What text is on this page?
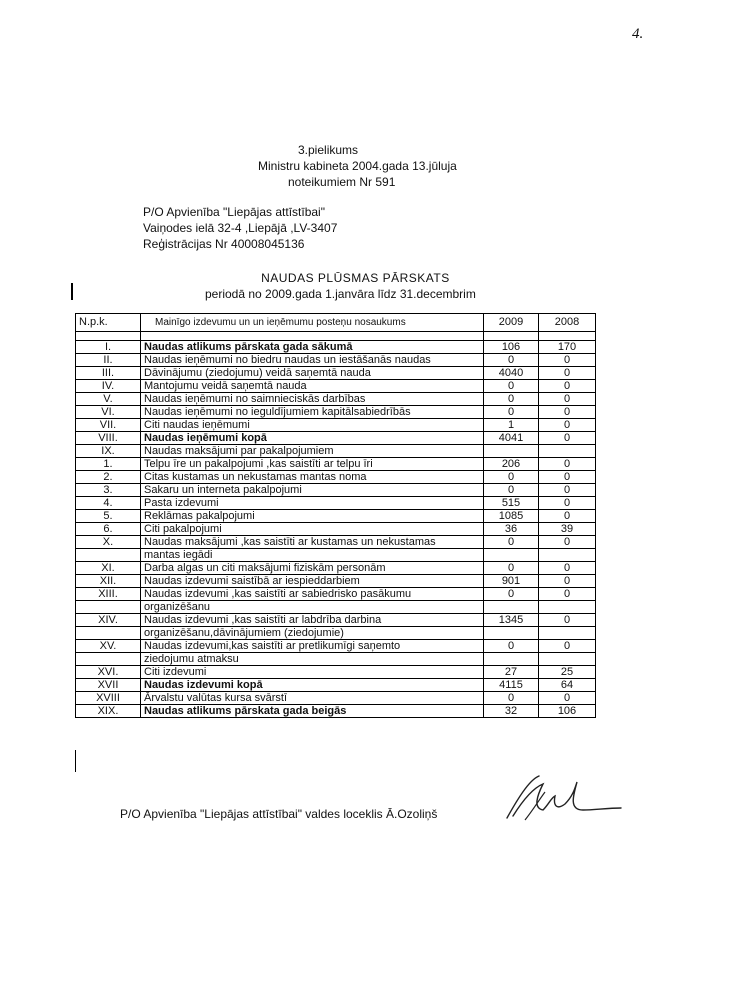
4.
3.pielikums
Ministru kabineta 2004.gada 13.jūluja
noteikumiem Nr 591
P/O Apvienība "Liepājas attīstībai"
Vaiņodes ielā 32-4 ,Liepājā ,LV-3407
Reģistrācijas Nr 40008045136
NAUDAS PLŪSMAS PĀRSKATS
periodā no 2009.gada 1.janvāra līdz 31.decembrim
N.p.k.	Mainīgo izdevumu un un ieņēmumu posteņu nosaukums	2009	2008

I.	Naudas atlikums pārskata gada sākumā	106	170
II.	Naudas ieņēmumi no biedru naudas un iestāšanās naudas	0	0
III.	Dāvinājumu (ziedojumu) veidā saņemtā nauda	4040	0
IV.	Mantojumu veidā saņemtā nauda	0	0
V.	Naudas ieņēmumi no saimnieciskās darbības	0	0
VI.	Naudas ieņēmumi no ieguldījumiem kapitālsabiedrībās	0	0
VII.	Citi naudas ieņēmumi	1	0
VIII.	Naudas ieņēmumi kopā	4041	0
IX.	Naudas maksājumi par pakalpojumiem		
1.	Telpu īre un pakalpojumi ,kas saistīti ar telpu īri	206	0
2.	Citas kustamas un nekustamas mantas noma	0	0
3.	Sakaru un interneta pakalpojumi	0	0
4.	Pasta izdevumi	515	0
5.	Reklāmas pakalpojumi	1085	0
6.	Citi pakalpojumi	36	39
X.	Naudas maksājumi ,kas saistīti ar kustamas un nekustamas	0	0
	mantas iegādi		
XI.	Darba algas un citi maksājumi fiziskām personām	0	0
XII.	Naudas izdevumi saistībā ar iespieddarbiem	901	0
XIII.	Naudas izdevumi ,kas saistīti ar sabiedrisko pasākumu	0	0
	organizēšanu		
XIV.	Naudas izdevumi ,kas saistīti ar labdrība darbina	1345	0
	organizēšanu,dāvinājumiem (ziedojumie)		
XV.	Naudas izdevumi,kas saistīti ar pretlikumīgi saņemto	0	0
	ziedojumu atmaksu		
XVI.	Citi izdevumi	27	25
XVII	Naudas izdevumi kopā	4115	64
XVIII	Ārvalstu valūtas kursa svārstī	0	0
XIX.	Naudas atlikums pārskata gada beigās	32	106
P/O Apvienība "Liepājas attīstībai" valdes loceklis Ā.Ozoliņš
